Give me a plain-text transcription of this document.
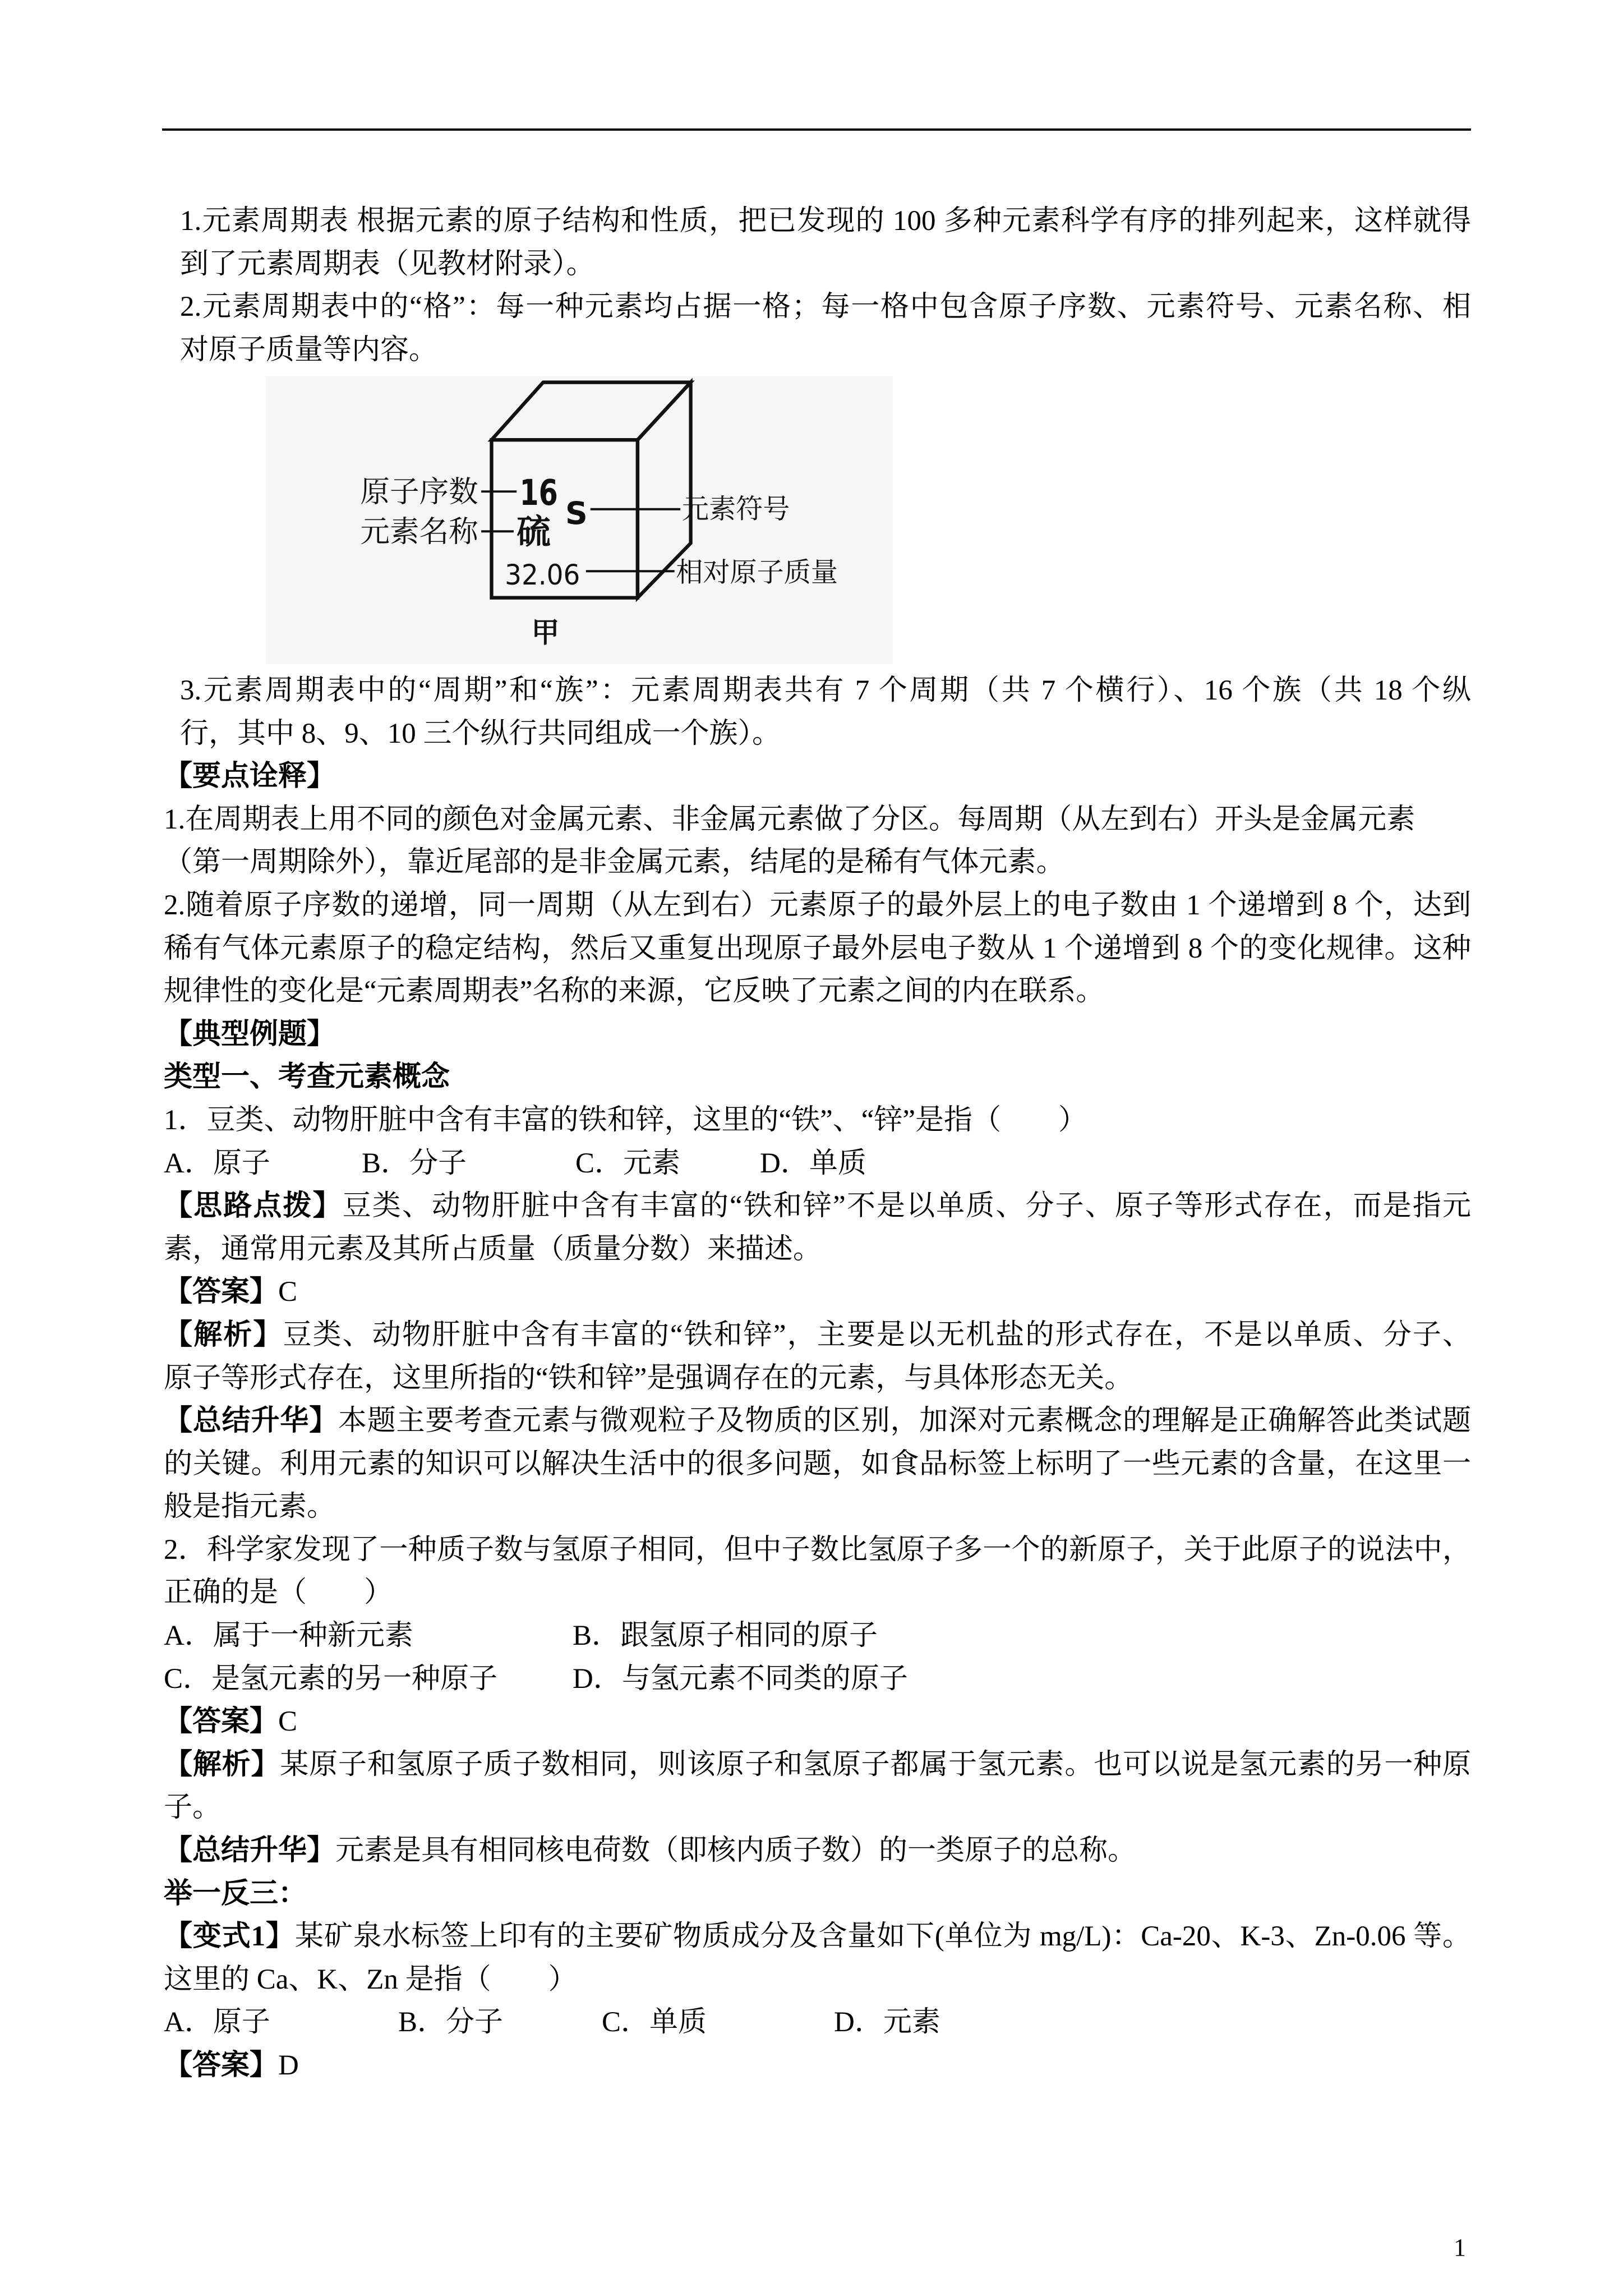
1.元素周期表 根据元素的原子结构和性质，把已发现的 100 多种元素科学有序的排列起来，这样就得
到了元素周期表（见教材附录）。
2.元素周期表中的“格”：每一种元素均占据一格；每一格中包含原子序数、元素符号、元素名称、相
对原子质量等内容。
原子序数
元素名称
16
S
硫
32.06
元素符号
相对原子质量
甲
3.元素周期表中的“周期”和“族”：元素周期表共有 7 个周期（共 7 个横行）、16 个族（共 18 个纵
行，其中 8、9、10 三个纵行共同组成一个族）。
【要点诠释】
1.在周期表上用不同的颜色对金属元素、非金属元素做了分区。每周期（从左到右）开头是金属元素
（第一周期除外），靠近尾部的是非金属元素，结尾的是稀有气体元素。
2.随着原子序数的递增，同一周期（从左到右）元素原子的最外层上的电子数由 1 个递增到 8 个，达到
稀有气体元素原子的稳定结构，然后又重复出现原子最外层电子数从 1 个递增到 8 个的变化规律。这种
规律性的变化是“元素周期表”名称的来源，它反映了元素之间的内在联系。
【典型例题】
类型一、考查元素概念
1．豆类、动物肝脏中含有丰富的铁和锌，这里的“铁”、“锌”是指（　　）
A．原子	B．分子	C．元素	D．单质
【思路点拨】豆类、动物肝脏中含有丰富的“铁和锌”不是以单质、分子、原子等形式存在，而是指元
素，通常用元素及其所占质量（质量分数）来描述。
【答案】C
【解析】豆类、动物肝脏中含有丰富的“铁和锌”，主要是以无机盐的形式存在，不是以单质、分子、
原子等形式存在，这里所指的“铁和锌”是强调存在的元素，与具体形态无关。
【总结升华】本题主要考查元素与微观粒子及物质的区别，加深对元素概念的理解是正确解答此类试题
的关键。利用元素的知识可以解决生活中的很多问题，如食品标签上标明了一些元素的含量，在这里一
般是指元素。
2．科学家发现了一种质子数与氢原子相同，但中子数比氢原子多一个的新原子，关于此原子的说法中，
正确的是（　　）
A．属于一种新元素	B．跟氢原子相同的原子
C．是氢元素的另一种原子	D．与氢元素不同类的原子
【答案】C
【解析】某原子和氢原子质子数相同，则该原子和氢原子都属于氢元素。也可以说是氢元素的另一种原
子。
【总结升华】元素是具有相同核电荷数（即核内质子数）的一类原子的总称。
举一反三：
【变式1】某矿泉水标签上印有的主要矿物质成分及含量如下(单位为 mg/L)：Ca-20、K-3、Zn-0.06 等。
这里的 Ca、K、Zn 是指（　　）
A．原子	B．分子	C．单质	D．元素
【答案】D
1
